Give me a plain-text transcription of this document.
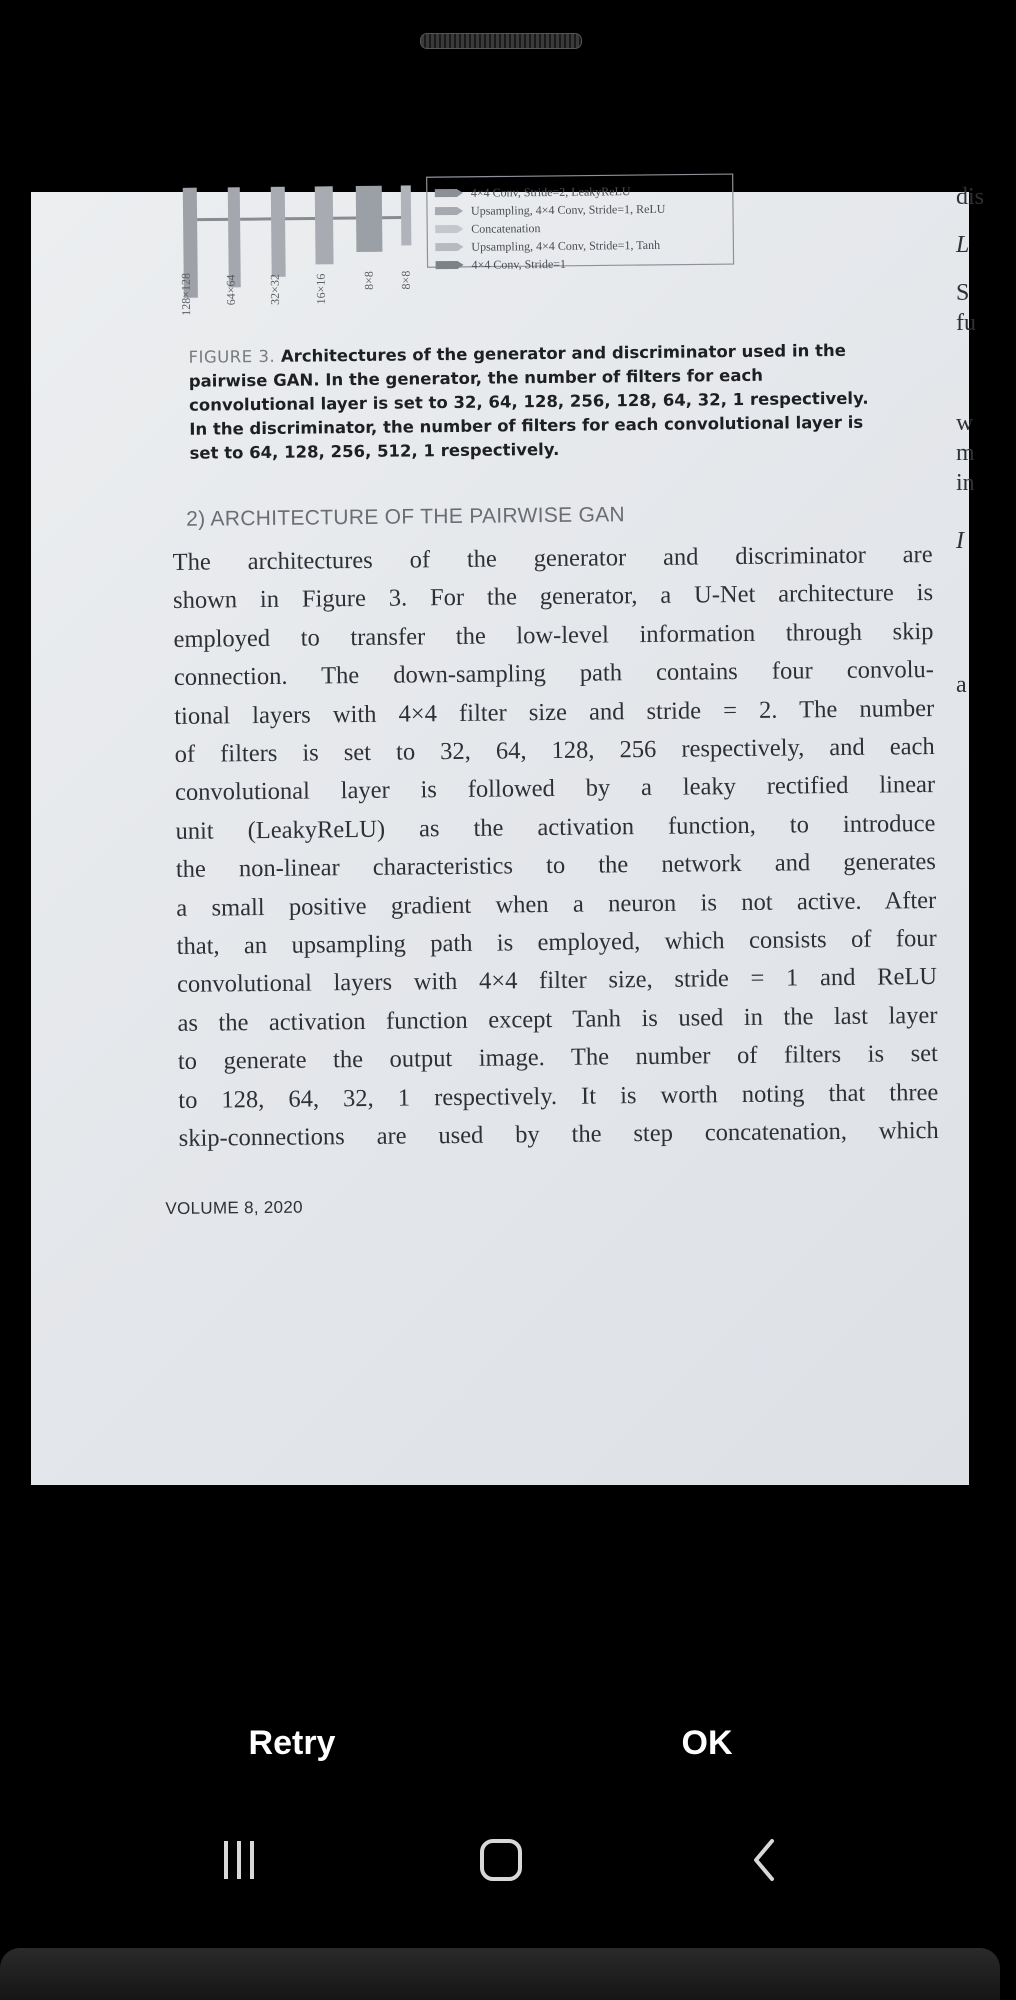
128×128	64×64 32×32	16×16	8×8 8×8
4×4 Conv, Stride=2, LeakyReLU
Upsampling, 4×4 Conv, Stride=1, ReLU
Concatenation
Upsampling, 4×4 Conv, Stride=1, Tanh
4×4 Conv, Stride=1
FIGURE 3. Architectures of the generator and discriminator used in the
pairwise GAN. In the generator, the number of filters for each
convolutional layer is set to 32, 64, 128, 256, 128, 64, 32, 1 respectively.
In the discriminator, the number of filters for each convolutional layer is
set to 64, 128, 256, 512, 1 respectively.
2) ARCHITECTURE OF THE PAIRWISE GAN
The architectures of the generator and discriminator are
shown in Figure 3. For the generator, a U-Net architecture is
employed to transfer the low-level information through skip
connection. The down-sampling path contains four convolu-
tional layers with 4×4 filter size and stride = 2. The number
of filters is set to 32, 64, 128, 256 respectively, and each
convolutional layer is followed by a leaky rectified linear
unit (LeakyReLU) as the activation function, to introduce
the non-linear characteristics to the network and generates
a small positive gradient when a neuron is not active. After
that, an upsampling path is employed, which consists of four
convolutional layers with 4×4 filter size, stride = 1 and ReLU
as the activation function except Tanh is used in the last layer
to generate the output image. The number of filters is set
to 128, 64, 32, 1 respectively. It is worth noting that three
skip-connections are used by the step concatenation, which
VOLUME 8, 2020
dis
L
S
fu
w
m
in
I
a
Retry	OK
